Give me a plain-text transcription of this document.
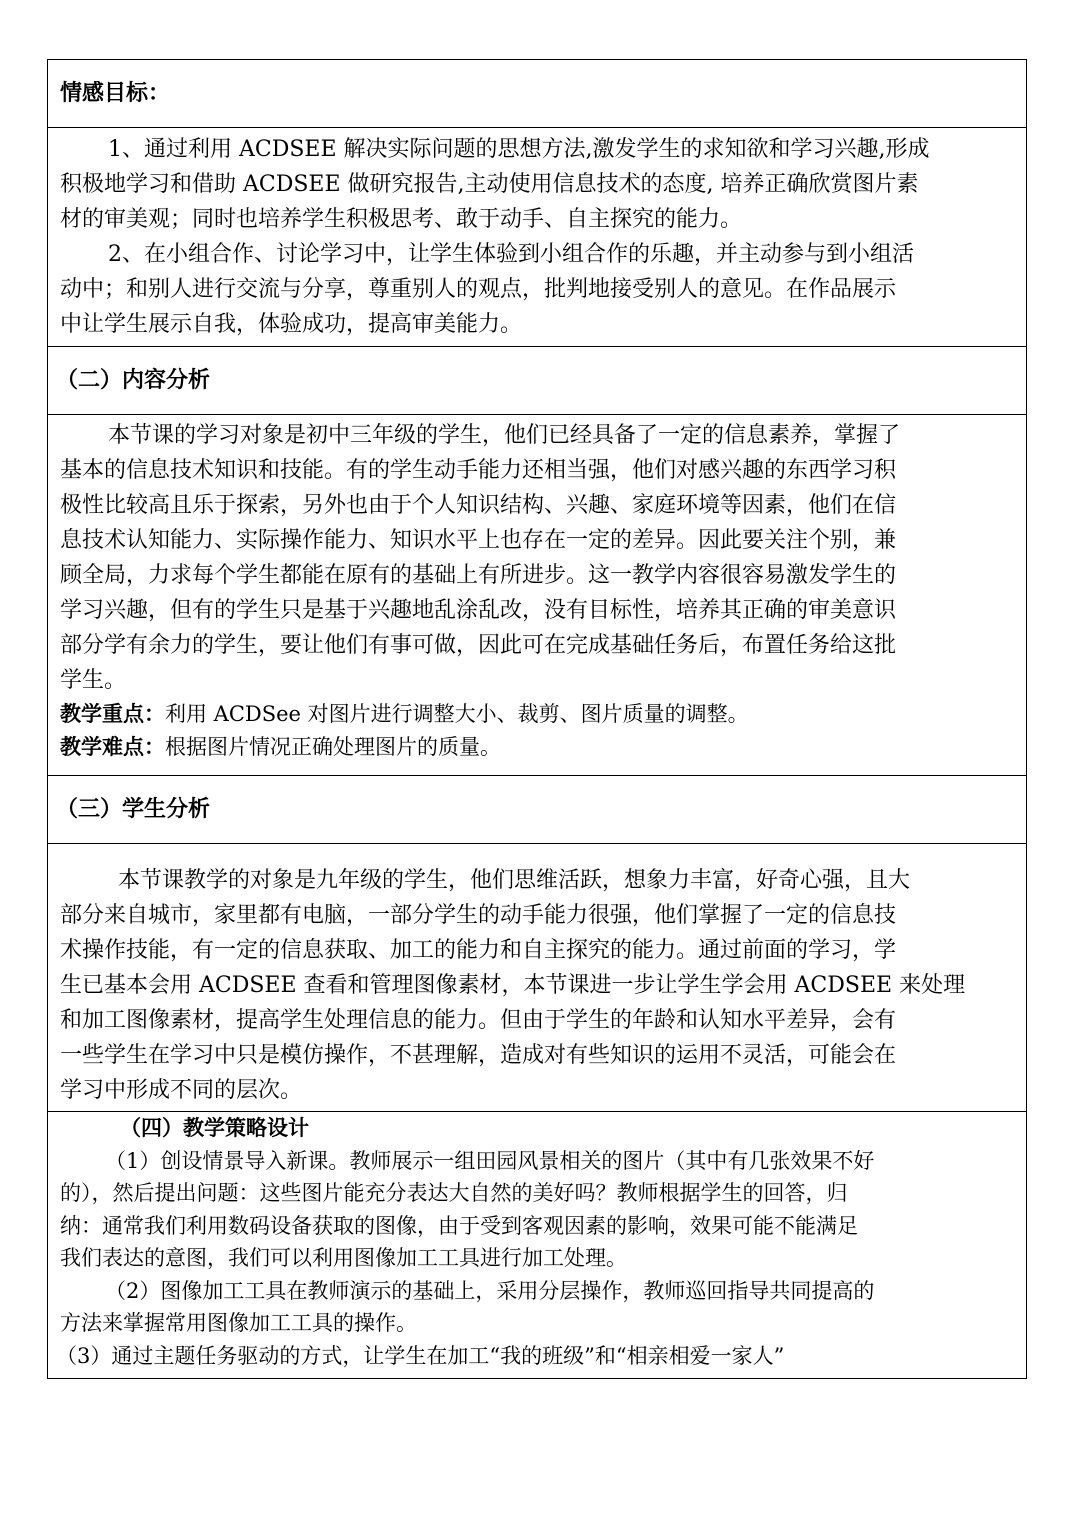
情感目标：

1、通过利用 ACDSEE 解决实际问题的思想方法,激发学生的求知欲和学习兴趣,形成

积极地学习和借助 ACDSEE 做研究报告,主动使用信息技术的态度, 培养正确欣赏图片素

材的审美观；同时也培养学生积极思考、敢于动手、自主探究的能力。

2、在小组合作、讨论学习中，让学生体验到小组合作的乐趣，并主动参与到小组活

动中；和别人进行交流与分享，尊重别人的观点，批判地接受别人的意见。在作品展示

中让学生展示自我，体验成功，提高审美能力。

（二）内容分析

本节课的学习对象是初中三年级的学生，他们已经具备了一定的信息素养，掌握了

基本的信息技术知识和技能。有的学生动手能力还相当强，他们对感兴趣的东西学习积

极性比较高且乐于探索，另外也由于个人知识结构、兴趣、家庭环境等因素，他们在信

息技术认知能力、实际操作能力、知识水平上也存在一定的差异。因此要关注个别，兼

顾全局，力求每个学生都能在原有的基础上有所进步。这一教学内容很容易激发学生的

学习兴趣，但有的学生只是基于兴趣地乱涂乱改，没有目标性，培养其正确的审美意识

部分学有余力的学生，要让他们有事可做，因此可在完成基础任务后，布置任务给这批

学生。

教学重点：利用 ACDSee 对图片进行调整大小、裁剪、图片质量的调整。

教学难点：根据图片情况正确处理图片的质量。

（三）学生分析

本节课教学的对象是九年级的学生，他们思维活跃，想象力丰富，好奇心强，且大

部分来自城市，家里都有电脑，一部分学生的动手能力很强，他们掌握了一定的信息技

术操作技能，有一定的信息获取、加工的能力和自主探究的能力。通过前面的学习，学

生已基本会用 ACDSEE 查看和管理图像素材，本节课进一步让学生学会用 ACDSEE 来处理

和加工图像素材，提高学生处理信息的能力。但由于学生的年龄和认知水平差异，会有

一些学生在学习中只是模仿操作，不甚理解，造成对有些知识的运用不灵活，可能会在

学习中形成不同的层次。

（四）教学策略设计

（1）创设情景导入新课。教师展示一组田园风景相关的图片（其中有几张效果不好

的），然后提出问题：这些图片能充分表达大自然的美好吗？教师根据学生的回答，归

纳：通常我们利用数码设备获取的图像，由于受到客观因素的影响，效果可能不能满足

我们表达的意图，我们可以利用图像加工工具进行加工处理。

（2）图像加工工具在教师演示的基础上，采用分层操作，教师巡回指导共同提高的

方法来掌握常用图像加工工具的操作。

（3）通过主题任务驱动的方式，让学生在加工“我的班级”和“相亲相爱一家人”
